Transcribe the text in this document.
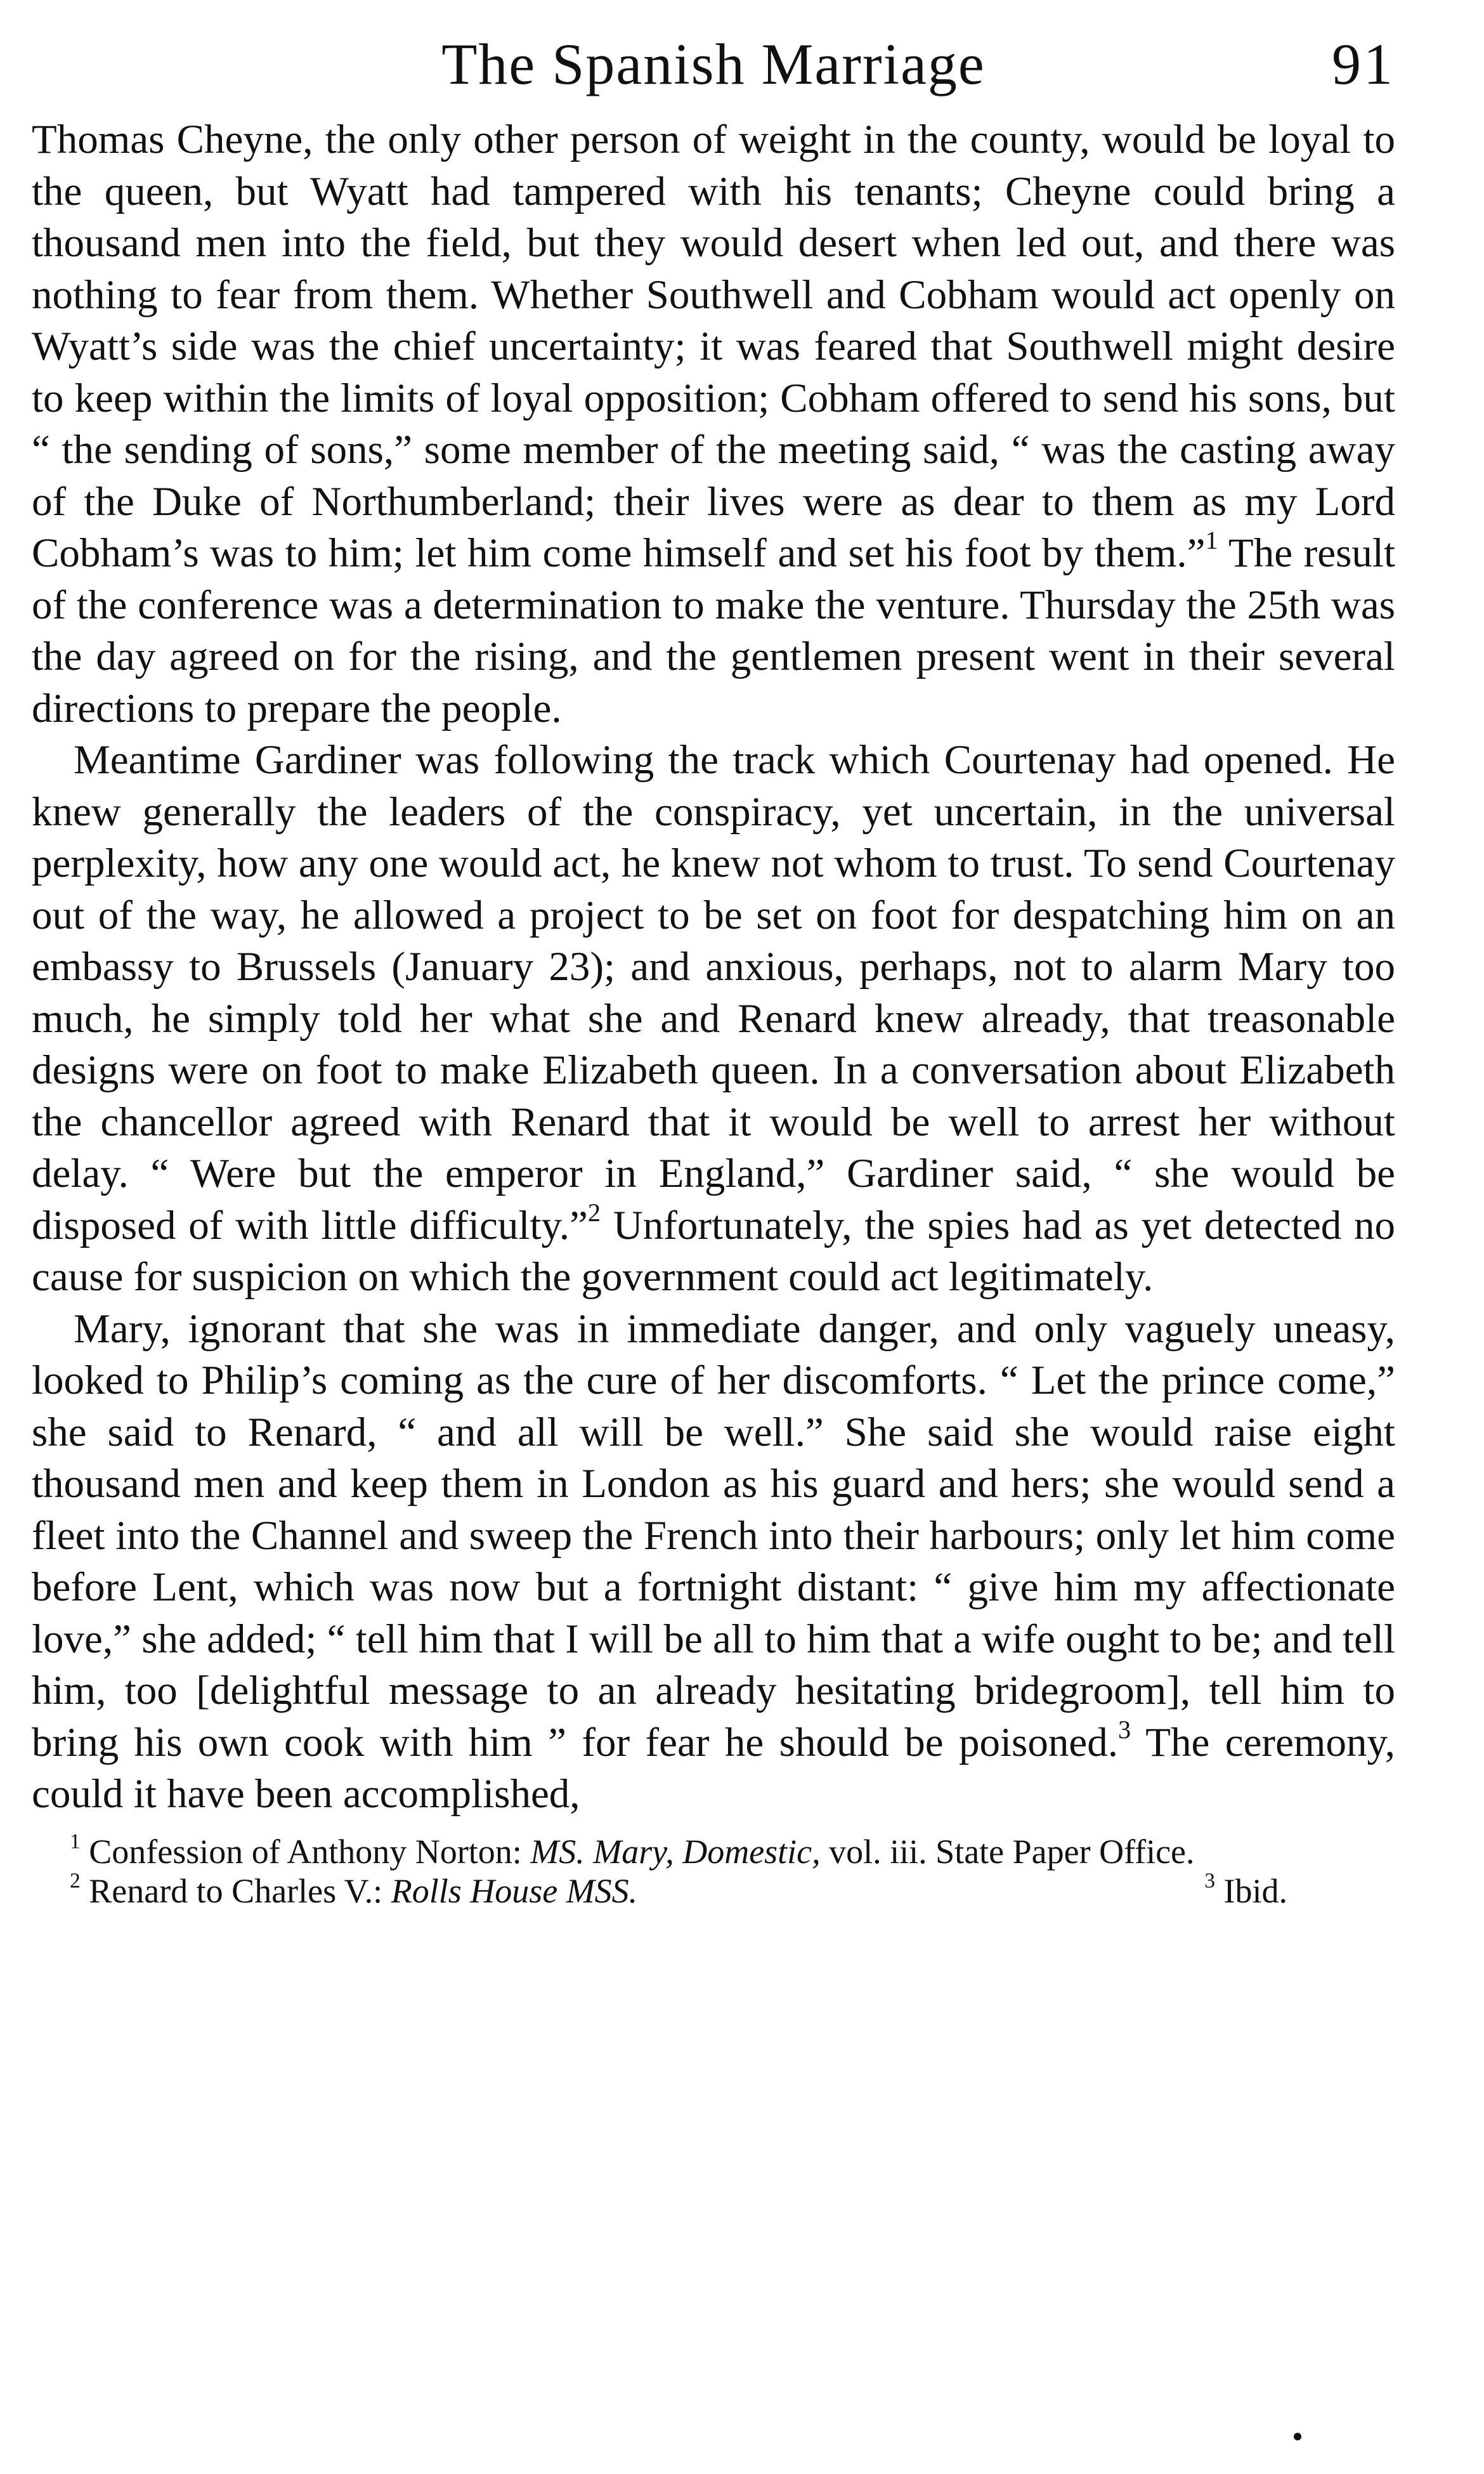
The Spanish Marriage	91

Thomas Cheyne, the only other person of weight in the county, would be loyal to the queen, but Wyatt had tampered with his tenants; Cheyne could bring a thousand men into the field, but they would desert when led out, and there was nothing to fear from them. Whether Southwell and Cobham would act openly on Wyatt’s side was the chief uncertainty; it was feared that Southwell might desire to keep within the limits of loyal opposition; Cobham offered to send his sons, but “ the sending of sons,” some member of the meeting said, “ was the casting away of the Duke of Northumberland; their lives were as dear to them as my Lord Cobham’s was to him; let him come himself and set his foot by them.”$^1$ The result of the conference was a determination to make the venture. Thursday the 25th was the day agreed on for the rising, and the gentlemen present went in their several directions to prepare the people.

Meantime Gardiner was following the track which Courtenay had opened. He knew generally the leaders of the conspiracy, yet uncertain, in the universal perplexity, how any one would act, he knew not whom to trust. To send Courtenay out of the way, he allowed a project to be set on foot for despatching him on an embassy to Brussels (January 23); and anxious, perhaps, not to alarm Mary too much, he simply told her what she and Renard knew already, that treasonable designs were on foot to make Elizabeth queen. In a conversation about Elizabeth the chancellor agreed with Renard that it would be well to arrest her without delay. “ Were but the emperor in England,” Gardiner said, “ she would be disposed of with little difficulty.”$^2$ Unfortunately, the spies had as yet detected no cause for suspicion on which the government could act legitimately.

Mary, ignorant that she was in immediate danger, and only vaguely uneasy, looked to Philip’s coming as the cure of her discomforts. “ Let the prince come,” she said to Renard, “ and all will be well.” She said she would raise eight thousand men and keep them in London as his guard and hers; she would send a fleet into the Channel and sweep the French into their harbours; only let him come before Lent, which was now but a fortnight distant: “ give him my affectionate love,” she added; “ tell him that I will be all to him that a wife ought to be; and tell him, too [delightful message to an already hesitating bridegroom], tell him to bring his own cook with him ” for fear he should be poisoned.$^3$ The ceremony, could it have been accomplished,

$^1$ Confession of Anthony Norton: MS. Mary, Domestic, vol. iii. State Paper Office.

$^2$ Renard to Charles V.: Rolls House MSS.	$^3$ Ibid.
